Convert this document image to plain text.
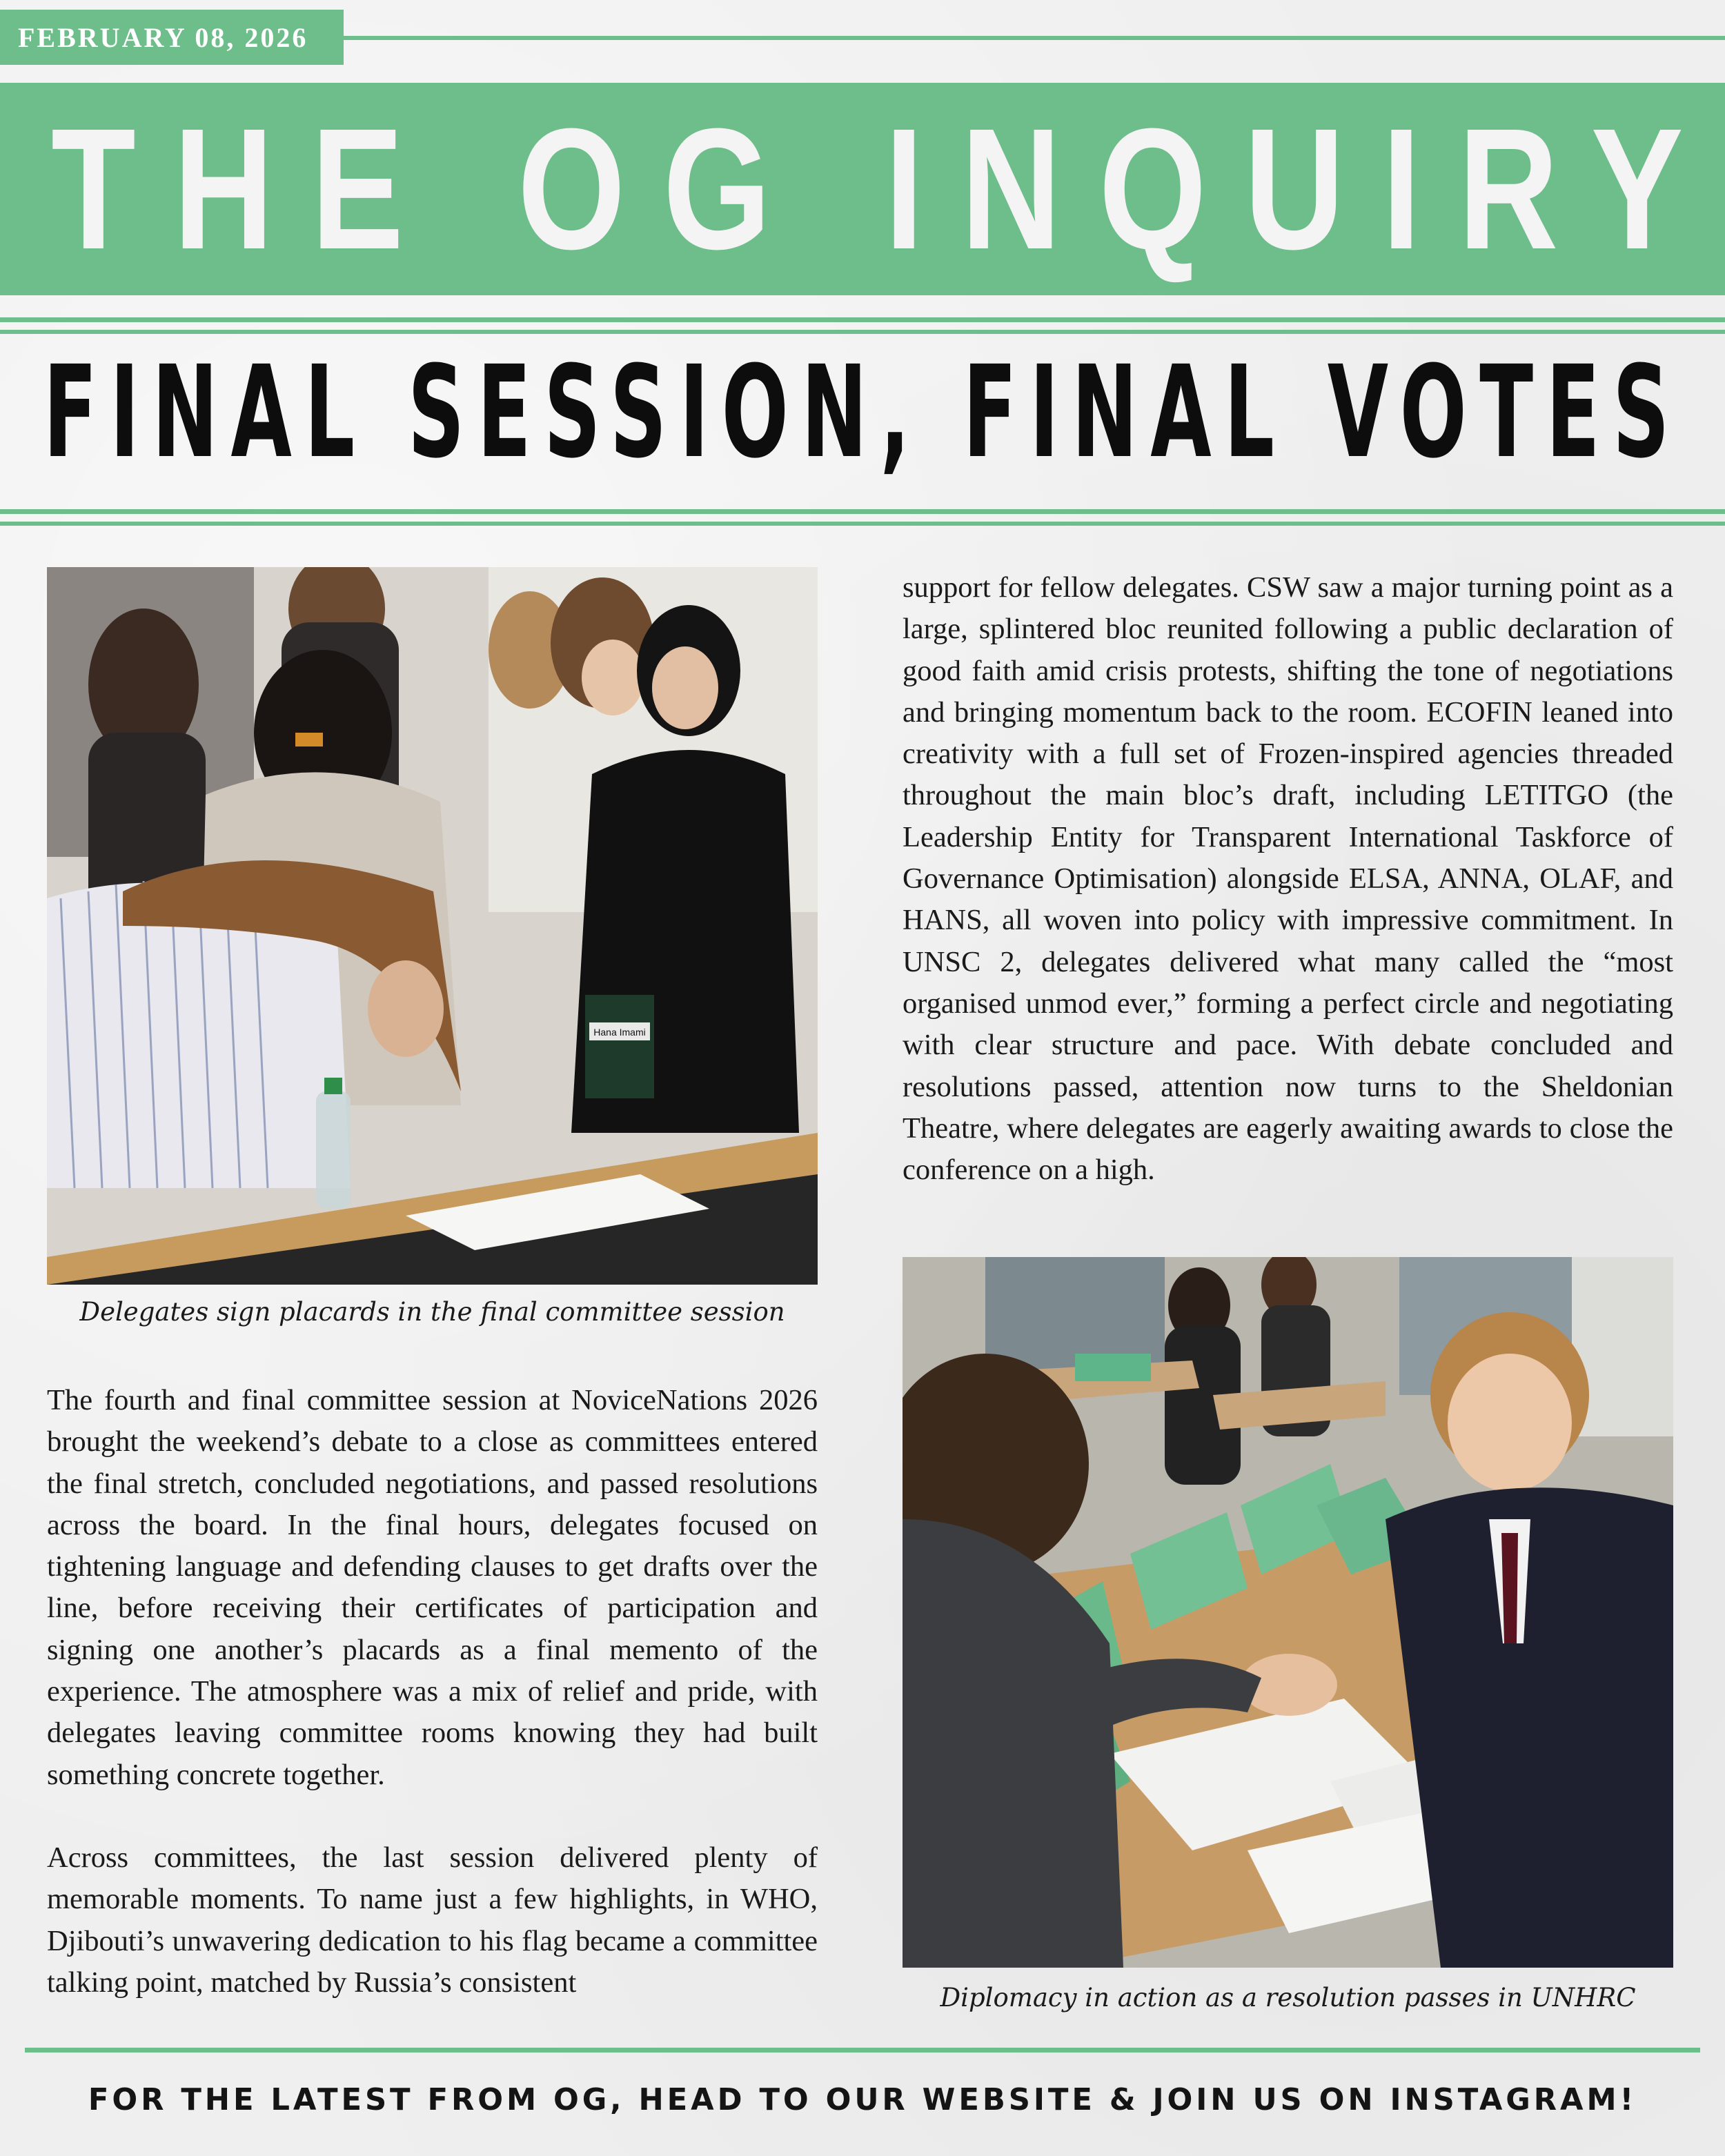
FEBRUARY 08, 2026
THE OG INQUIRY
FINAL SESSION, FINAL VOTES
Hana Imami
Delegates sign placards in the final committee session

The fourth and final committee session at NoviceNations 2026 brought the weekend’s debate to a close as committees entered the final stretch, concluded negotiations, and passed resolutions across the board. In the final hours, delegates focused on tightening language and defending clauses to get drafts over the line, before receiving their certificates of participation and signing one another’s placards as a final memento of the experience. The atmosphere was a mix of relief and pride, with delegates leaving committee rooms knowing they had built something concrete together.

Across committees, the last session delivered plenty of memorable moments. To name just a few highlights, in WHO, Djibouti’s unwavering dedication to his flag became a committee talking point, matched by Russia’s consistent

support for fellow delegates. CSW saw a major turning point as a large, splintered bloc reunited following a public declaration of good faith amid crisis protests, shifting the tone of negotiations and bringing momentum back to the room. ECOFIN leaned into creativity with a full set of Frozen-inspired agencies threaded throughout the main bloc’s draft, including LETITGO (the Leadership Entity for Transparent International Taskforce of Governance Optimisation) alongside ELSA, ANNA, OLAF, and HANS, all woven into policy with impressive commitment. In UNSC 2, delegates delivered what many called the “most organised unmod ever,” forming a perfect circle and negotiating with clear structure and pace. With debate concluded and resolutions passed, attention now turns to the Sheldonian Theatre, where delegates are eagerly awaiting awards to close the conference on a high.

Diplomacy in action as a resolution passes in UNHRC
FOR THE LATEST FROM OG, HEAD TO OUR WEBSITE & JOIN US ON INSTAGRAM!
